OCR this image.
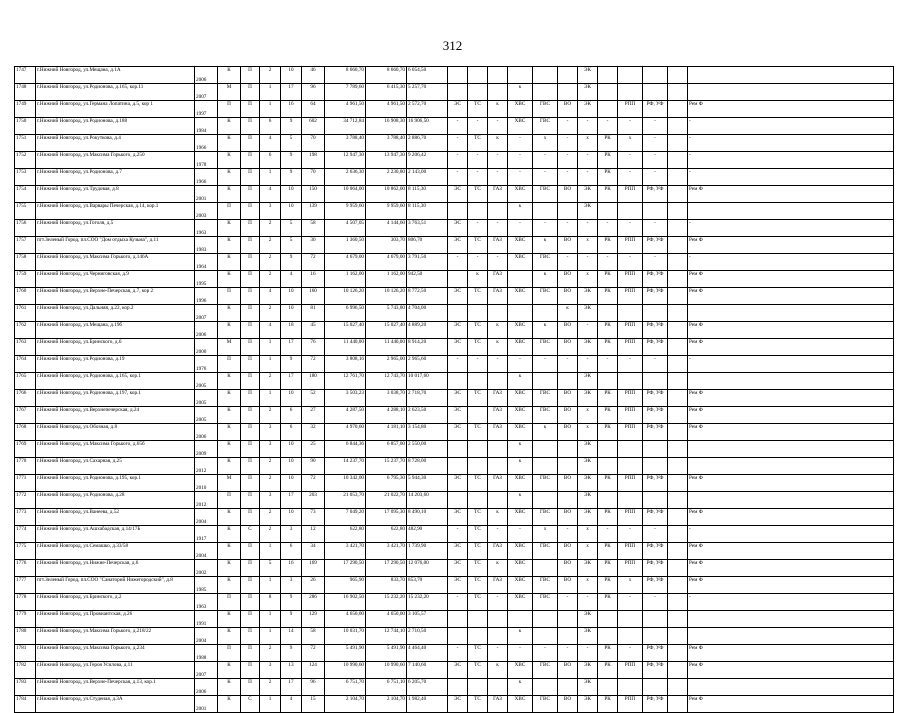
312
1747	г.Нижний Новгород, ул.Мещана, д.1А	2006	К	П	2	10	46	8 660,70	8 660,70	6 054,50							ЭК					
1748	г.Нижний Новгород, ул.Родионова, д.165, кор.11	2007	М	П	1	17	96	7 789,60	6 415,30	5 257,70				к			ЭК					
1749	г.Нижний Новгород, ул.Германа Лопатина, д.5, кор 1	1997	П	П	1	16	64	4 961,50	4 961,50	2 572,70	ЭС	ТС	к	ХВС	ГВС	ВО	ЭК		РПП	РФ, УФ		Рем Ф
1750	г.Нижний Новгород, ул.Родионова, д.188	1984	К	П	6	9	602	34 712,84	16 908,30	16 906,50	-	-	-	ХВС	ГВС	-	-	-	-	-		-
1751	г.Нижний Новгород, ул.Рокуткова, д.4	1966	К	П	4	5	70	3 788,40	3 788,40	2 886,70	-	ТС	к	-	х	-	х	РК	х	-		-
1752	г.Нижний Новгород, ул.Максима Горького, д.250	1978	К	П	6	9	198	12 947,30	13 947,30	9 206,42	-	-	-	-	-	-	-	РК	-	-		-
1753	г.Нижний Новгород, ул.Родионова, д.7	1966	К	П	1	9	70	2 636,30	2 230,80	2 143,00	-	-	-	-	-	-	-	РК	-	-		-
1754	г.Нижний Новгород, ул.Трудовая, д.8	2001	К	П	4	10	150	10 064,00	10 862,00	8 115,30	ЭС	ТС	ГАЗ	ХВС	ГВС	ВО	ЭК	РК	РПП	РФ, УФ		Рем Ф
1755	г.Нижний Новгород, ул.Варвары Печерская, д.14, кор.1	2003	П	П	3	10	139	9 959,60	9 959,60	8 115,30				к			ЭК					
1756	г.Нижний Новгород, ул.Гоголя, д.5	1963	К	П	2	5	58	4 507,05	4 144,60	3 763,51	ЭС	-	-	-	-	-	-	-	-	-		-
1757	пгт.Зеленый Город, пл.СОО "Дом отдыха Кузьма", д.11	1983	К	П	2	5	30	1 360,50	303,70	806,70	ЭС	ТС	ГАЗ	ХВС	к	ВО	х	РК	РПП	РФ, УФ		Рем Ф
1758	г.Нижний Новгород, ул.Максима Горького, д.146А	1964	К	П	2	9	72	4 679,00	4 679,00	3 791,50	-	-	-	ХВС	ГВС	-	-	-	-	-		-
1759	г.Нижний Новгород, ул.Черниговская, д.9	1995	К	П	2	4	16	1 162,00	1 162,00	942,50		к	ГАЗ		к	ВО	х	РК	РПП	РФ, УФ		Рем Ф
1760	г.Нижний Новгород, ул.Верхне-Печерская, д.7, кор 2	1996	П	П	4	10	160	10 126,20	10 126,20	8 772,50	ЭС	ТС	ГАЗ	ХВС	ГВС	ВО	ЭК	РК	РПП	РФ, УФ		Рем Ф
1761	г.Нижний Новгород, ул.Дальняя, д.22, кор.2	2007	К	П	2	10	81	6 996,50	5 743,80	4 704,00						к	ЭК					
1762	г.Нижний Новгород, ул.Мещана, д.19б	2006	К	П	4	18	45	15 027,40	15 027,40	4 889,20	ЭС	ТС	к	ХВС	к	ВО	-	РК	РПП	РФ, УФ		Рем Ф
1763	г.Нижний Новгород, ул.Бринского, д.6	2000	М	П	1	17	76	11 440,00	11 440,00	8 914,20	ЭС	ТС	к	ХВС	ГВС	ВО	ЭК	РК	РПП	РФ, УФ		Рем Ф
1764	г.Нижний Новгород, ул.Родионова, д.19	1976	П	П	1	9	72	3 808,16	2 965,00	2 965,60	-	-	-	-	-	-	-	-	-	-		-
1765	г.Нижний Новгород, ул.Родионова, д.165, кор.1	2005	К	П	2	17	180	12 761,70	12 743,70	10 017,60				к			ЭК					
1766	г.Нижний Новгород, ул.Родионова, д.197, кор.1	2005	К	П	1	10	52	3 503,23	3 038,70	2 718,70	ЭС	ТС	ГАЗ	ХВС	ГВС	ВО	ЭК	РК	РПП	РФ, УФ		Рем Ф
1767	г.Нижний Новгород, ул.Верхнепечерская, д.24	2005	К	П	2	6	27	4 287,50	4 288,10	2 623,50	ЭС		ГАЗ	ХВС	ГВС	ВО	х	РК	РПП	РФ, УФ		Рем Ф
1768	г.Нижний Новгород, ул.Обозная, д.8	2006	К	П	3	6	32	4 970,60	4 181,10	3 154,80	ЭС	ТС	ГАЗ	ХВС	к	ВО	х	РК	РПП	РФ, УФ		Рем Ф
1769	г.Нижний Новгород, ул.Максима Горького, д.65б	2009	К	П	3	10	25	6 844,36	6 857,00	2 550,00				к			ЭК					
1770	г.Нижний Новгород, ул.Сахарная, д.25	2012	К	П	2	10	90	14 237,70	15 237,70	8 728,00				к			ЭК					
1771	г.Нижний Новгород, ул.Родионова, д.195, кор.1	2010	М	П	2	10	72	10 342,00	6 795,30	5 944,30	ЭС	ТС	ГАЗ	ХВС	ГВС	ВО	ЭК	РК	РПП	РФ, УФ		Рем Ф
1772	г.Нижний Новгород, ул.Родионова, д.28	2012	П	П	3	17	203	21 053,70	21 022,70	14 203,60				к			ЭК					
1773	г.Нижний Новгород, ул.Ванеева, д.52	2004	К	П	2	10	73	7 049,20	17 095,30	8 490,10	ЭС	ТС	к	ХВС	ГВС	ВО	ЭК	РК	РПП	РФ, УФ		Рем Ф
1774	г.Нижний Новгород, ул.Ашхабадская, д.14/17Б	1917	К	С	2	3	12	622,80	622,80	482,90	-	ТС	-	-	х	-	х	-	-	-		-
1775	г.Нижний Новгород, ул.Семашко, д.33/58	2004	К	П	1	6	34	3 421,70	3 421,70	1 739,90	ЭС	ТС	ГАЗ	ХВС	ГВС	ВО	х	РК	РПП	РФ, УФ		Рем Ф
1776	г.Нижний Новгород, ул.Нижне-Печерская, д.6	2002	К	П	5	16	169	17 290,50	17 290,50	12 076,00	ЭС	ТС	к	ХВС		ВО	ЭК	РК	РПП	РФ, УФ		Рем Ф
1777	пгт.Зеленый Город, пл.СОО "Санаторий Нижегородский", д.8	1985	К	П	1	3	26	965,90	833,70	853,70	ЭС	ТС	ГАЗ	ХВС	ГВС	ВО	х	РК	х	РФ, УФ		Рем Ф
1778	г.Нижний Новгород, ул.Бринского, д.2	1963	П	П	8	9	286	16 902,50	15 232,20	15 232,20	-	ТС	-	ХВС	ГВС	-	-	РК	-	-		-
1779	г.Нижний Новгород, ул.Провиантская, д.26	1991	К	П	1	9	129	4 650,00	4 650,00	3 105,57							ЭК					
1780	г.Нижний Новгород, ул.Максима Горького, д.218/22	2004	К	П	1	14	58	10 031,70	12 744,10	2 710,50				к			ЭК					
1781	г.Нижний Новгород, ул.Максима Горького, д.234	1988	П	П	2	9	72	5 491,90	5 491,90	4 464,40	-	ТС	-	-	-	-	-	РК	-	РФ, УФ		Рем Ф
1782	г.Нижний Новгород, ул.Героя Усилова, д.11	2007	К	П	3	13	124	10 990,60	10 990,60	7 140,60	ЭС	ТС	к	ХВС	ГВС	ВО	ЭК	РК	РПП	РФ, УФ		Рем Ф
1783	г.Нижний Новгород, ул.Верхне-Печерская, д.13, кор.1	2006	К	П	2	17	96	6 751,70	6 751,10	6 205,70				к			ЭК					
1784	г.Нижний Новгород, ул.Студеная, д.3А	2001	К	С	1	4	15	2 104,70	2 104,70	1 982,40	ЭС	ТС	ГАЗ	ХВС	ГВС	ВО	ЭК	РК	РПП	РФ, УФ		Рем Ф
